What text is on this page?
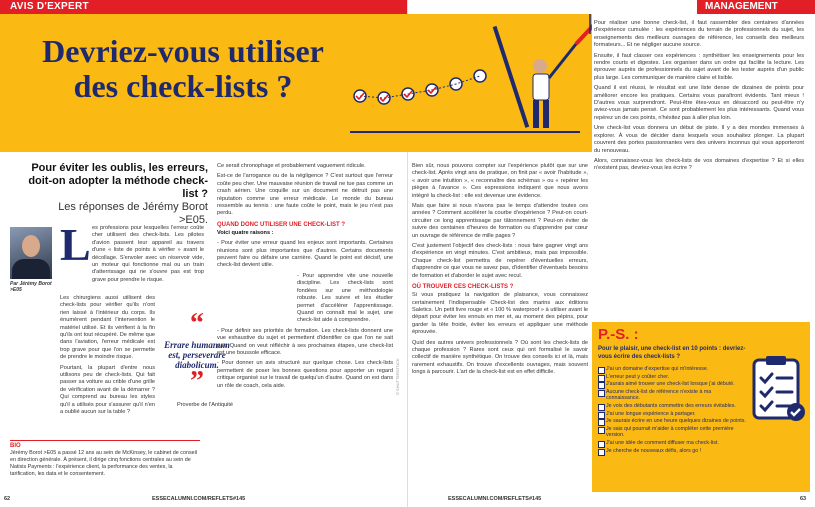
AVIS D'EXPERT
Pour éviter les oublis, les erreurs, doit-on adopter la méthode check-list ?
Les réponses de Jérémy Borot >E05.
Par Jérémy Borot >E05
L es professions pour lesquelles l'erreur coûte cher utilisent des check-lists. Les pilotes d'avion passent leur appareil au travers d'une « liste de points à vérifier » avant le décollage. S'envoler avec un réservoir vide, un moteur qui fonctionne mal ou un train d'atterrissage qui ne s'ouvre pas est trop grave pour prendre le risque.

Les chirurgiens aussi utilisent des check-lists pour vérifier qu'ils n'ont rien laissé à l'intérieur du corps. Ils énumèrent pendant l'intervention le matériel utilisé. Et ils vérifient à la fin qu'ils ont tout récupéré. De même que dans l'aviation, l'erreur médicale est trop grave pour que l'on se permette de prendre le moindre risque.

Pourtant, la plupart d'entre nous utilisons peu de check-lists. Qui fait passer sa voiture au crible d'une grille de vérification avant de la démarrer ? Qui comprend au bureau les styles qu'il a utilisés pour s'assurer qu'il n'en a oublié aucun sur la table ?

“
Errare humanum est, perseverare diabolicum.
”
Proverbe de l'Antiquité

Ce serait chronophage et probablement vaguement ridicule.

Est-ce de l'arrogance ou de la négligence ? C'est surtout que l'erreur coûte peu cher. Une mauvaise réunion de travail ne tue pas comme un crash aérien. Une coquille sur un document ne détruit pas une réputation comme une erreur médicale. Le monde du bureau ressemble au tennis : une faute coûte le point, mais le jeu n'est pas perdu.

QUAND DONC UTILISER UNE CHECK-LIST ?

Voici quatre raisons :

- Pour éviter une erreur quand les enjeux sont importants. Certaines réunions sont plus importantes que d'autres. Certains documents peuvent faire ou défaire une carrière. Quand le point est décisif, une check-list devient utile.

- Pour apprendre vite une nouvelle discipline. Les check-lists sont fondées sur une méthodologie robuste. Les suivre et les étudier permet d'accélérer l'apprentissage. Quand on connaît mal le sujet, une check-list aide à comprendre.

- Pour définir ses priorités de formation. Les check-lists donnent une vue exhaustive du sujet et permettent d'identifier ce que l'on ne sait pas. Quand on veut réfléchir à ses prochaines étapes, une check-list est une boussole efficace.

- Pour donner un avis structuré sur quelque chose. Les check-lists permettent de poser les bonnes questions pour apporter un regard critique organisé sur le travail de quelqu'un d'autre. Quand on est dans un rôle de coach, cela aide.

BIO
Jérémy Borot >E05 a passé 12 ans au sein de McKinsey, le cabinet de conseil en direction générale. À présent, il dirige cinq fonctions centrales au sein de Natixis Payments : l'expérience client, la performance des ventes, la tarification, les data et le consentement.
© SHUTTERSTOCK
62	ESSECALUMNI.COM/REFLETS#145
MANAGEMENT

Bien sûr, nous pouvons compter sur l'expérience plutôt que sur une check-list. Après vingt ans de pratique, on finit par « avoir l'habitude », « avoir une intuition », « reconnaître des schémas » ou « repérer les pièges à l'avance ». Ces expressions indiquent que nous avons intégré la check-list : elle est devenue une évidence.

Mais que faire si nous n'avons pas le temps d'attendre toutes ces années ? Comment accélérer la courbe d'expérience ? Peut-on court-circuiter ce long apprentissage par tâtonnement ? Peut-on éviter de suivre des centaines d'heures de formation ou d'apprendre par cœur un ouvrage de référence de mille pages ?

C'est justement l'objectif des check-lists : nous faire gagner vingt ans d'expérience en vingt minutes. C'est ambitieux, mais pas impossible. Chaque check-list permettra de repérer d'éventuelles erreurs, d'apprendre ce que vous ne savez pas, d'identifier d'éventuels besoins de formation et d'aborder le sujet avec recul.

OÙ TROUVER CES CHECK-LISTS ?

Si vous pratiquez la navigation de plaisance, vous connaissez certainement l'indispensable Check-list des marins aux éditions Saletics. Un petit livre rouge et « 100 % waterproof » à utiliser avant le départ pour éviter les ennuis en mer et, au moment des pépins, pour garder la tête froide, éviter les erreurs et appliquer une méthode éprouvée.

Quid des autres univers professionnels ? Où sont les check-lists de chaque profession ? Rares sont ceux qui ont formalisé le savoir collectif de manière synthétique. On trouve des conseils ici et là, mais rarement exhaustifs. On trouve d'excellents ouvrages, mais souvent longs à parcourir. L'art de la check-list est en effet difficile.

Pour réaliser une bonne check-list, il faut rassembler des centaines d'années d'expérience cumulée : les expériences du terrain de professionnels du sujet, les enseignements des meilleurs ouvrages de référence, les conseils des meilleurs formateurs... Et ne négliger aucune source.

Ensuite, il faut classer ces expériences : synthétiser les enseignements pour les rendre courts et digestes. Les organiser dans un ordre qui facilite la lecture. Les éprouver auprès de professionnels du sujet avant de les tester auprès d'un public plus large. Les communiquer de manière claire et lisible.

Quand il est réussi, le résultat est une liste dense de dizaines de points pour améliorer encore les pratiques. Certains vous paraîtront évidents. Tant mieux ! D'autres vous surprendront. Peut-être êtes-vous en désaccord ou peut-être n'y aviez-vous jamais pensé. Ce sont probablement les plus intéressants. Quand vous repérez un de ces points, n'hésitez pas à aller plus loin.

Une check-list vous donnera un début de piste. Il y a des mondes immenses à explorer. À vous de décider dans lesquels vous souhaitez plonger. La plupart couvrent des portes passionnantes vers des univers inconnus qui vous apporteront du renouveau.

Alors, connaissez-vous les check-lists de vos domaines d'expertise ? Et si elles n'existent pas, devriez-vous les écrire ?

ESSECALUMNI.COM/REFLETS#145	63
Devriez-vous utiliser des check-lists ?
P.-S. :
Pour le plaisir, une check-list en 10 points : devriez-vous écrire des check-lists ?
J'ai un domaine d'expertise qui m'intéresse.
L'erreur peut y coûter cher.
J'aurais aimé trouver une check-list lorsque j'ai débuté.
Aucune check-list de référence n'existe à ma connaissance.
Je vois des débutants commettre des erreurs évitables.
J'ai une longue expérience à partager.
Je saurais écrire en une heure quelques dizaines de points.
Je sais qui pourrait m'aider à compléter cette première version.
J'ai une idée de comment diffuser ma check-list.
Je cherche de nouveaux défis, alors go !
